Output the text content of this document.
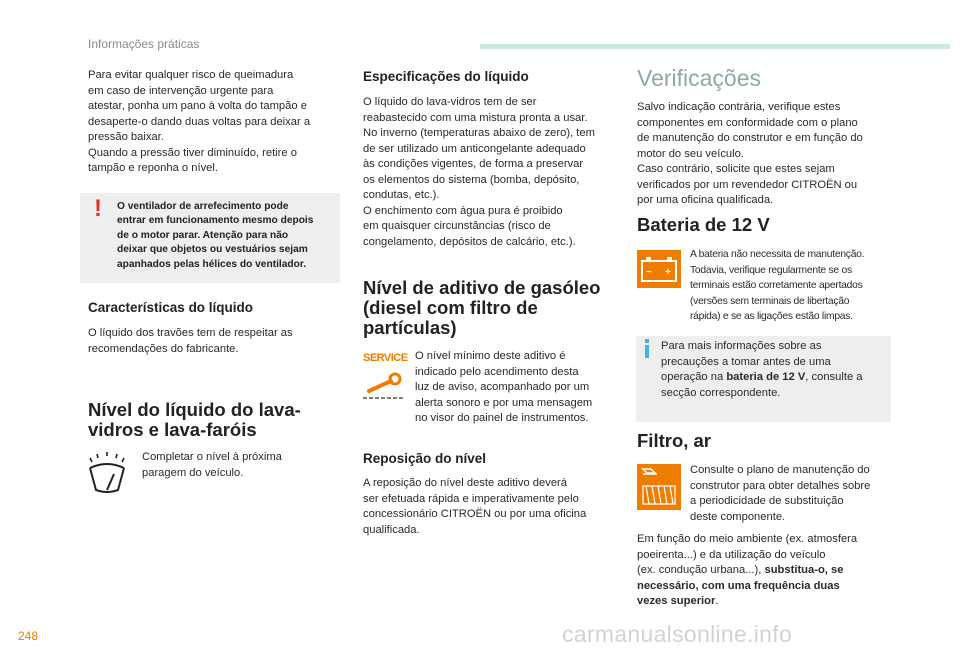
Informações práticas

Para evitar qualquer risco de queimadura

em caso de intervenção urgente para

atestar, ponha um pano à volta do tampão e

desaperte-o dando duas voltas para deixar a

pressão baixar.

Quando a pressão tiver diminuído, retire o

tampão e reponha o nível.

! O ventilador de arrefecimento pode
entrar em funcionamento mesmo depois
de o motor parar. Atenção para não
deixar que objetos ou vestuários sejam
apanhados pelas hélices do ventilador.
Características do líquido

O líquido dos travões tem de respeitar as

recomendações do fabricante.

Nível do líquido do lava-
vidros e lava-faróis

Completar o nível à próxima

paragem do veículo.

Especificações do líquido

O líquido do lava-vidros tem de ser

reabastecido com uma mistura pronta a usar.

No inverno (temperaturas abaixo de zero), tem

de ser utilizado um anticongelante adequado

às condições vigentes, de forma a preservar

os elementos do sistema (bomba, depósito,

condutas, etc.).

O enchimento com água pura é proibido

em quaisquer circunstâncias (risco de

congelamento, depósitos de calcário, etc.).

Nível de aditivo de gasóleo
(diesel com filtro de
partículas)
SERVICE O nível mínimo deste aditivo é

indicado pelo acendimento desta

luz de aviso, acompanhado por um

alerta sonoro e por uma mensagem

no visor do painel de instrumentos.

Reposição do nível

A reposição do nível deste aditivo deverá

ser efetuada rápida e imperativamente pelo

concessionário CITROËN ou por uma oficina

qualificada.

Verificações

Salvo indicação contrária, verifique estes

componentes em conformidade com o plano

de manutenção do construtor e em função do

motor do seu veículo.

Caso contrário, solicite que estes sejam

verificados por um revendedor CITROËN ou

por uma oficina qualificada.

Bateria de 12 V
− +
A bateria não necessita de manutenção.
Todavia, verifique regularmente se os
terminais estão corretamente apertados
(versões sem terminais de libertação
rápida) e se as ligações estão limpas.
Para mais informações sobre as
precauções a tomar antes de uma
operação na bateria de 12 V, consulte a
secção correspondente.
Filtro, ar

Consulte o plano de manutenção do

construtor para obter detalhes sobre

a periodicidade de substituição

deste componente.

Em função do meio ambiente (ex. atmosfera

poeirenta...) e da utilização do veículo

(ex. condução urbana...), substitua-o, se

necessário, com uma frequência duas

vezes superior.

248	carmanualsonline.info
